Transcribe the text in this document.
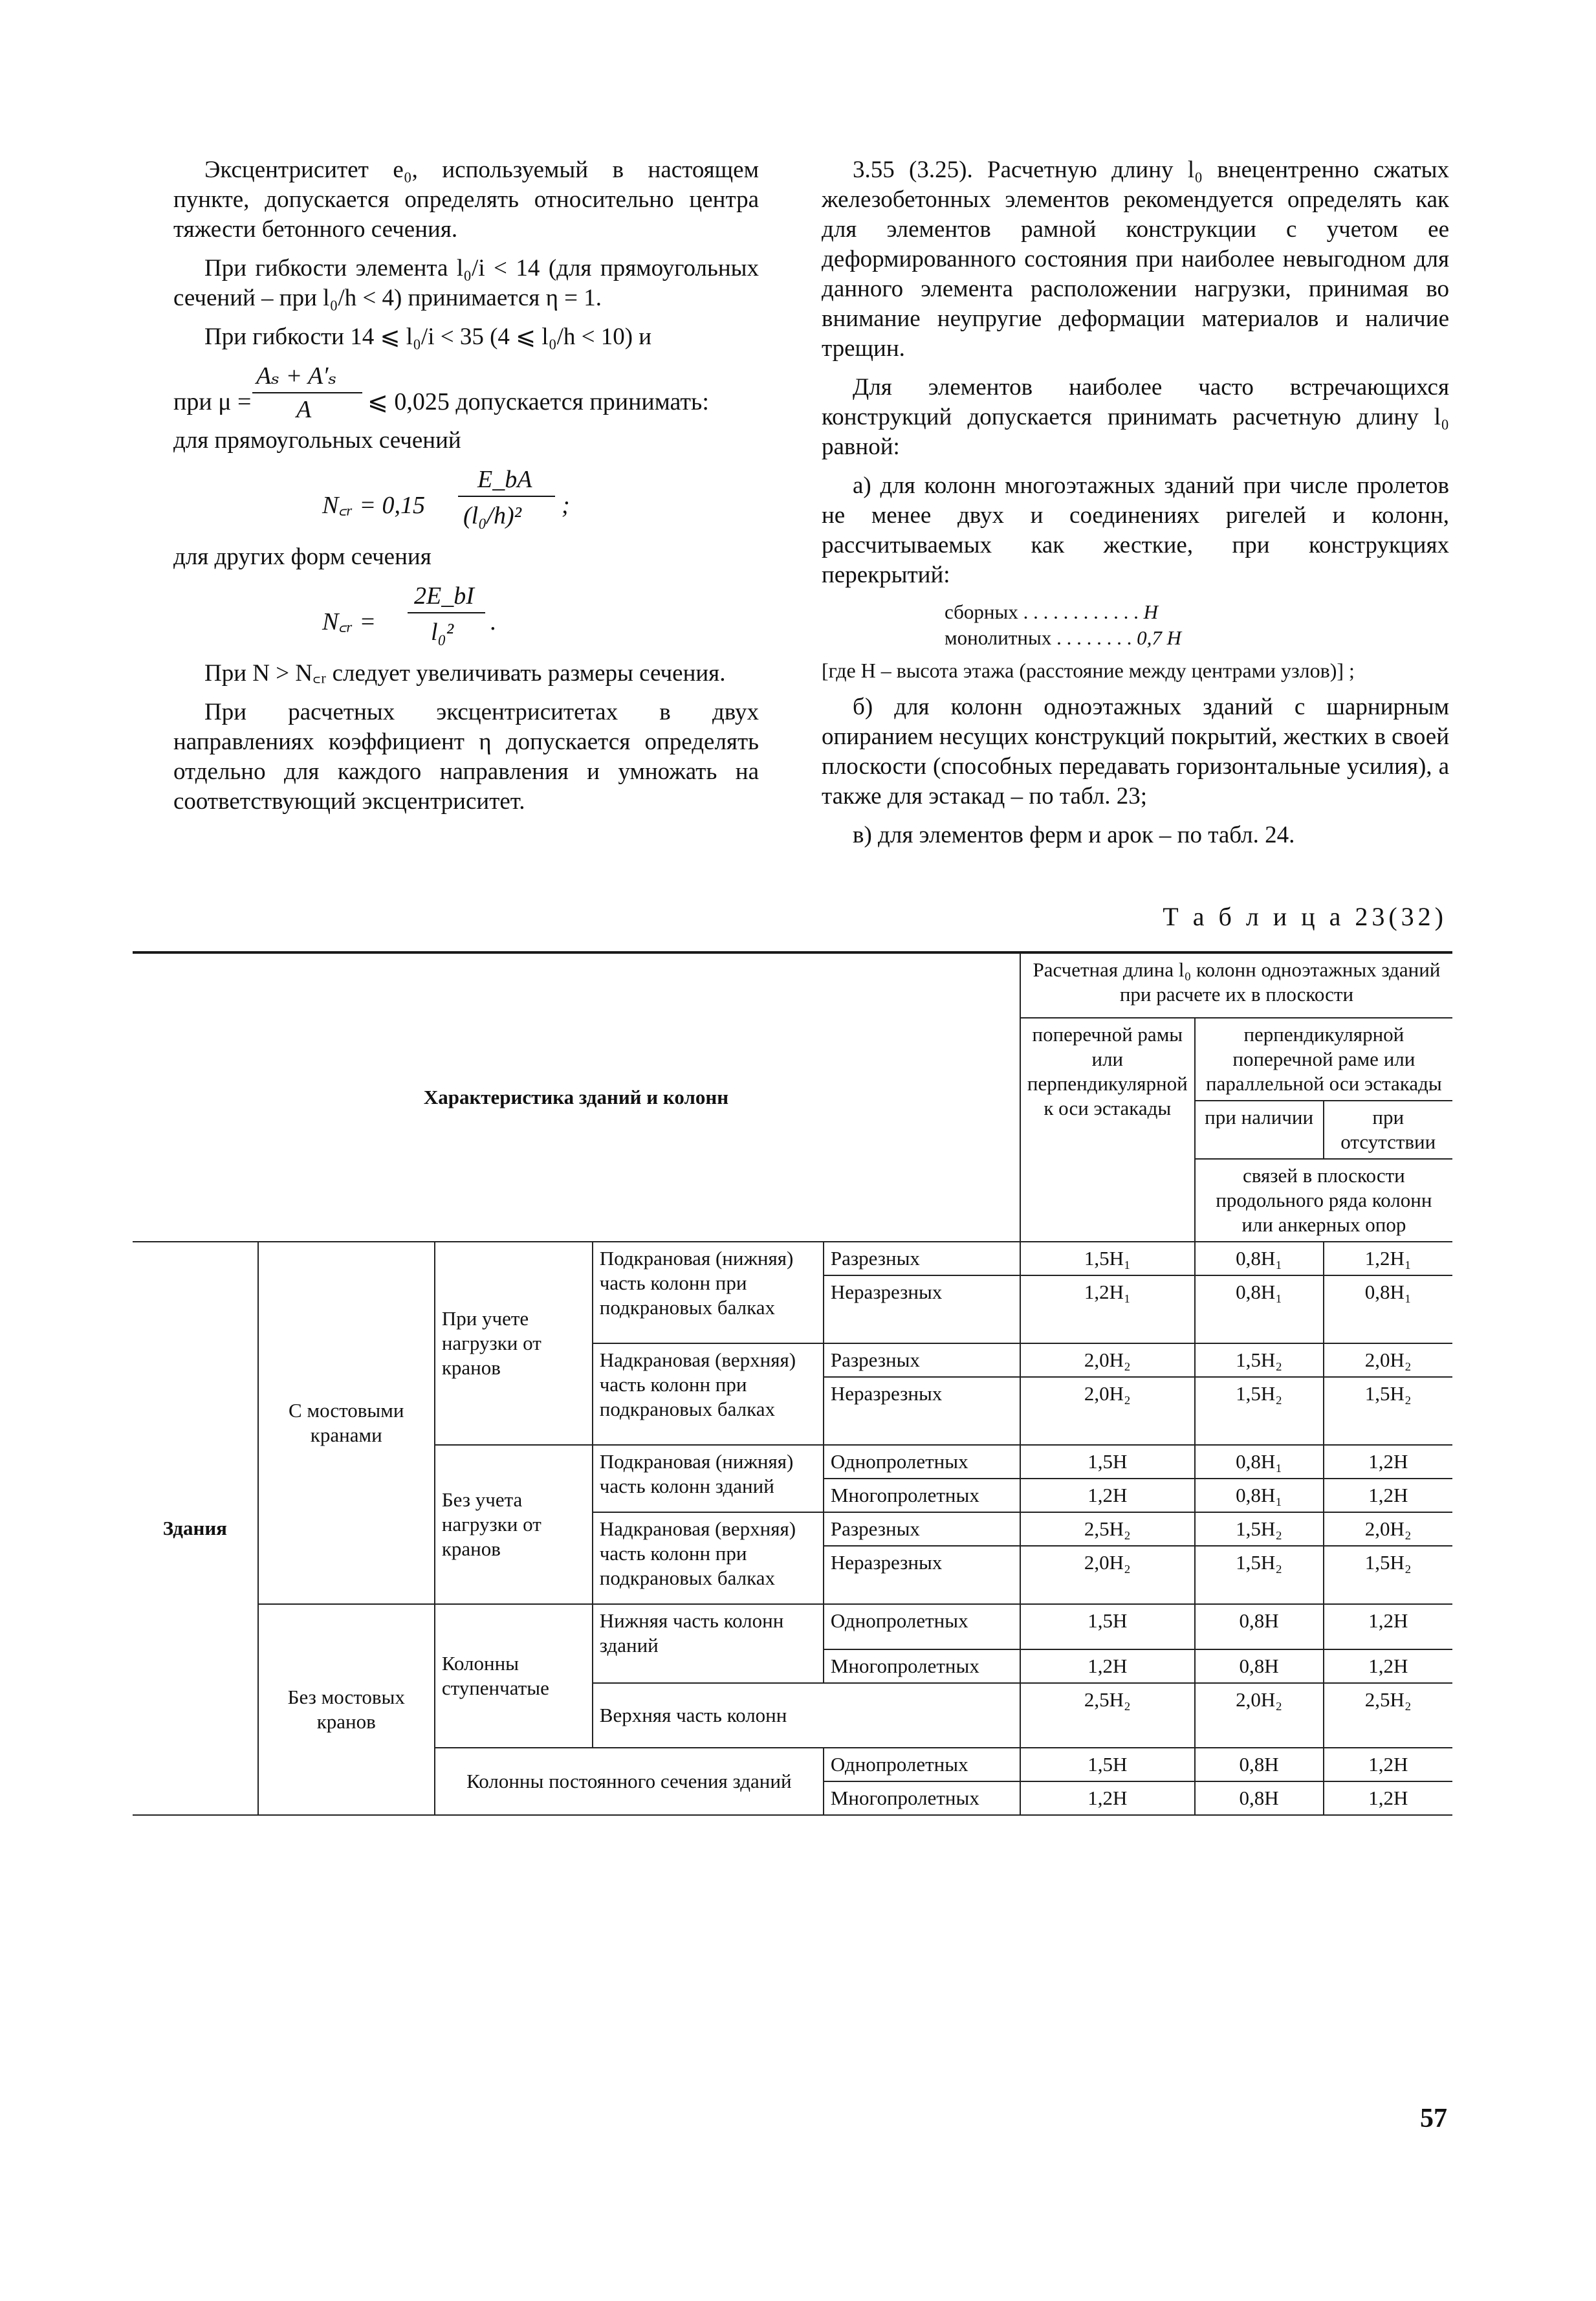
Эксцентриситет e₀, используемый в настоящем пункте, допускается определять относительно центра тяжести бетонного сечения.

При гибкости элемента l₀/i < 14 (для прямоугольных сечений – при l₀/h < 4) принимается η = 1.

При гибкости 14 ⩽ l₀/i < 35 (4 ⩽ l₀/h < 10) и

при μ =
Aₛ + A′ₛ
A ⩽ 0,025 допускается принимать:

для прямоугольных сечений

N꜀ᵣ = 0,15
E_bA
(l₀/h)² ;

для других форм сечения

N꜀ᵣ =
2E_bI
l₀² .

При N > N꜀ᵣ следует увеличивать размеры сечения.

При расчетных эксцентриситетах в двух направлениях коэффициент η допускается определять отдельно для каждого направления и умножать на соответствующий эксцентриситет.

3.55 (3.25). Расчетную длину l₀ внецентренно сжатых железобетонных элементов рекомендуется определять как для элементов рамной конструкции с учетом ее деформированного состояния при наиболее невыгодном для данного элемента расположении нагрузки, принимая во внимание неупругие деформации материалов и наличие трещин.

Для элементов наиболее часто встречающихся конструкций допускается принимать расчетную длину l₀ равной:

а) для колонн многоэтажных зданий при числе пролетов не менее двух и соединениях ригелей и колонн, рассчитываемых как жесткие, при конструкциях перекрытий:

сборных . . . . . . . . . . . . H
монолитных . . . . . . . . 0,7 H

[где H – высота этажа (расстояние между центрами узлов)] ;

б) для колонн одноэтажных зданий с шарнирным опиранием несущих конструкций покрытий, жестких в своей плоскости (способных передавать горизонтальные усилия), а также для эстакад – по табл. 23;

в) для элементов ферм и арок – по табл. 24.

Т а б л и ц а 23(32)
Характеристика зданий и колонн					Расчетная длина l₀ колонн одноэтажных зданий при расчете их в плоскости		
					поперечной рамы или перпендикулярной к оси эстакады	перпендикулярной поперечной раме или параллельной оси эстакады	
						при наличии	при отсутствии
						связей в плоскости продольного ряда колонн или анкерных опор	
Здания	С мостовыми кранами	При учете нагрузки от кранов	Подкрановая (нижняя) часть колонн при подкрановых балках	Разрезных	1,5H₁	0,8H₁	1,2H₁
				Неразрезных	1,2H₁	0,8H₁	0,8H₁
			Надкрановая (верхняя) часть колонн при подкрановых балках	Разрезных	2,0H₂	1,5H₂	2,0H₂
				Неразрезных	2,0H₂	1,5H₂	1,5H₂
		Без учета нагрузки от кранов	Подкрановая (нижняя) часть колонн зданий	Однопролетных	1,5H	0,8H₁	1,2H
				Многопролетных	1,2H	0,8H₁	1,2H
			Надкрановая (верхняя) часть колонн при подкрановых балках	Разрезных	2,5H₂	1,5H₂	2,0H₂
				Неразрезных	2,0H₂	1,5H₂	1,5H₂
	Без мостовых кранов	Колонны ступенчатые	Нижняя часть колонн зданий	Однопролетных	1,5H	0,8H	1,2H
				Многопролетных	1,2H	0,8H	1,2H
			Верхняя часть колонн		2,5H₂	2,0H₂	2,5H₂
		Колонны постоянного сечения зданий		Однопролетных	1,5H	0,8H	1,2H
				Многопролетных	1,2H	0,8H	1,2H
57
